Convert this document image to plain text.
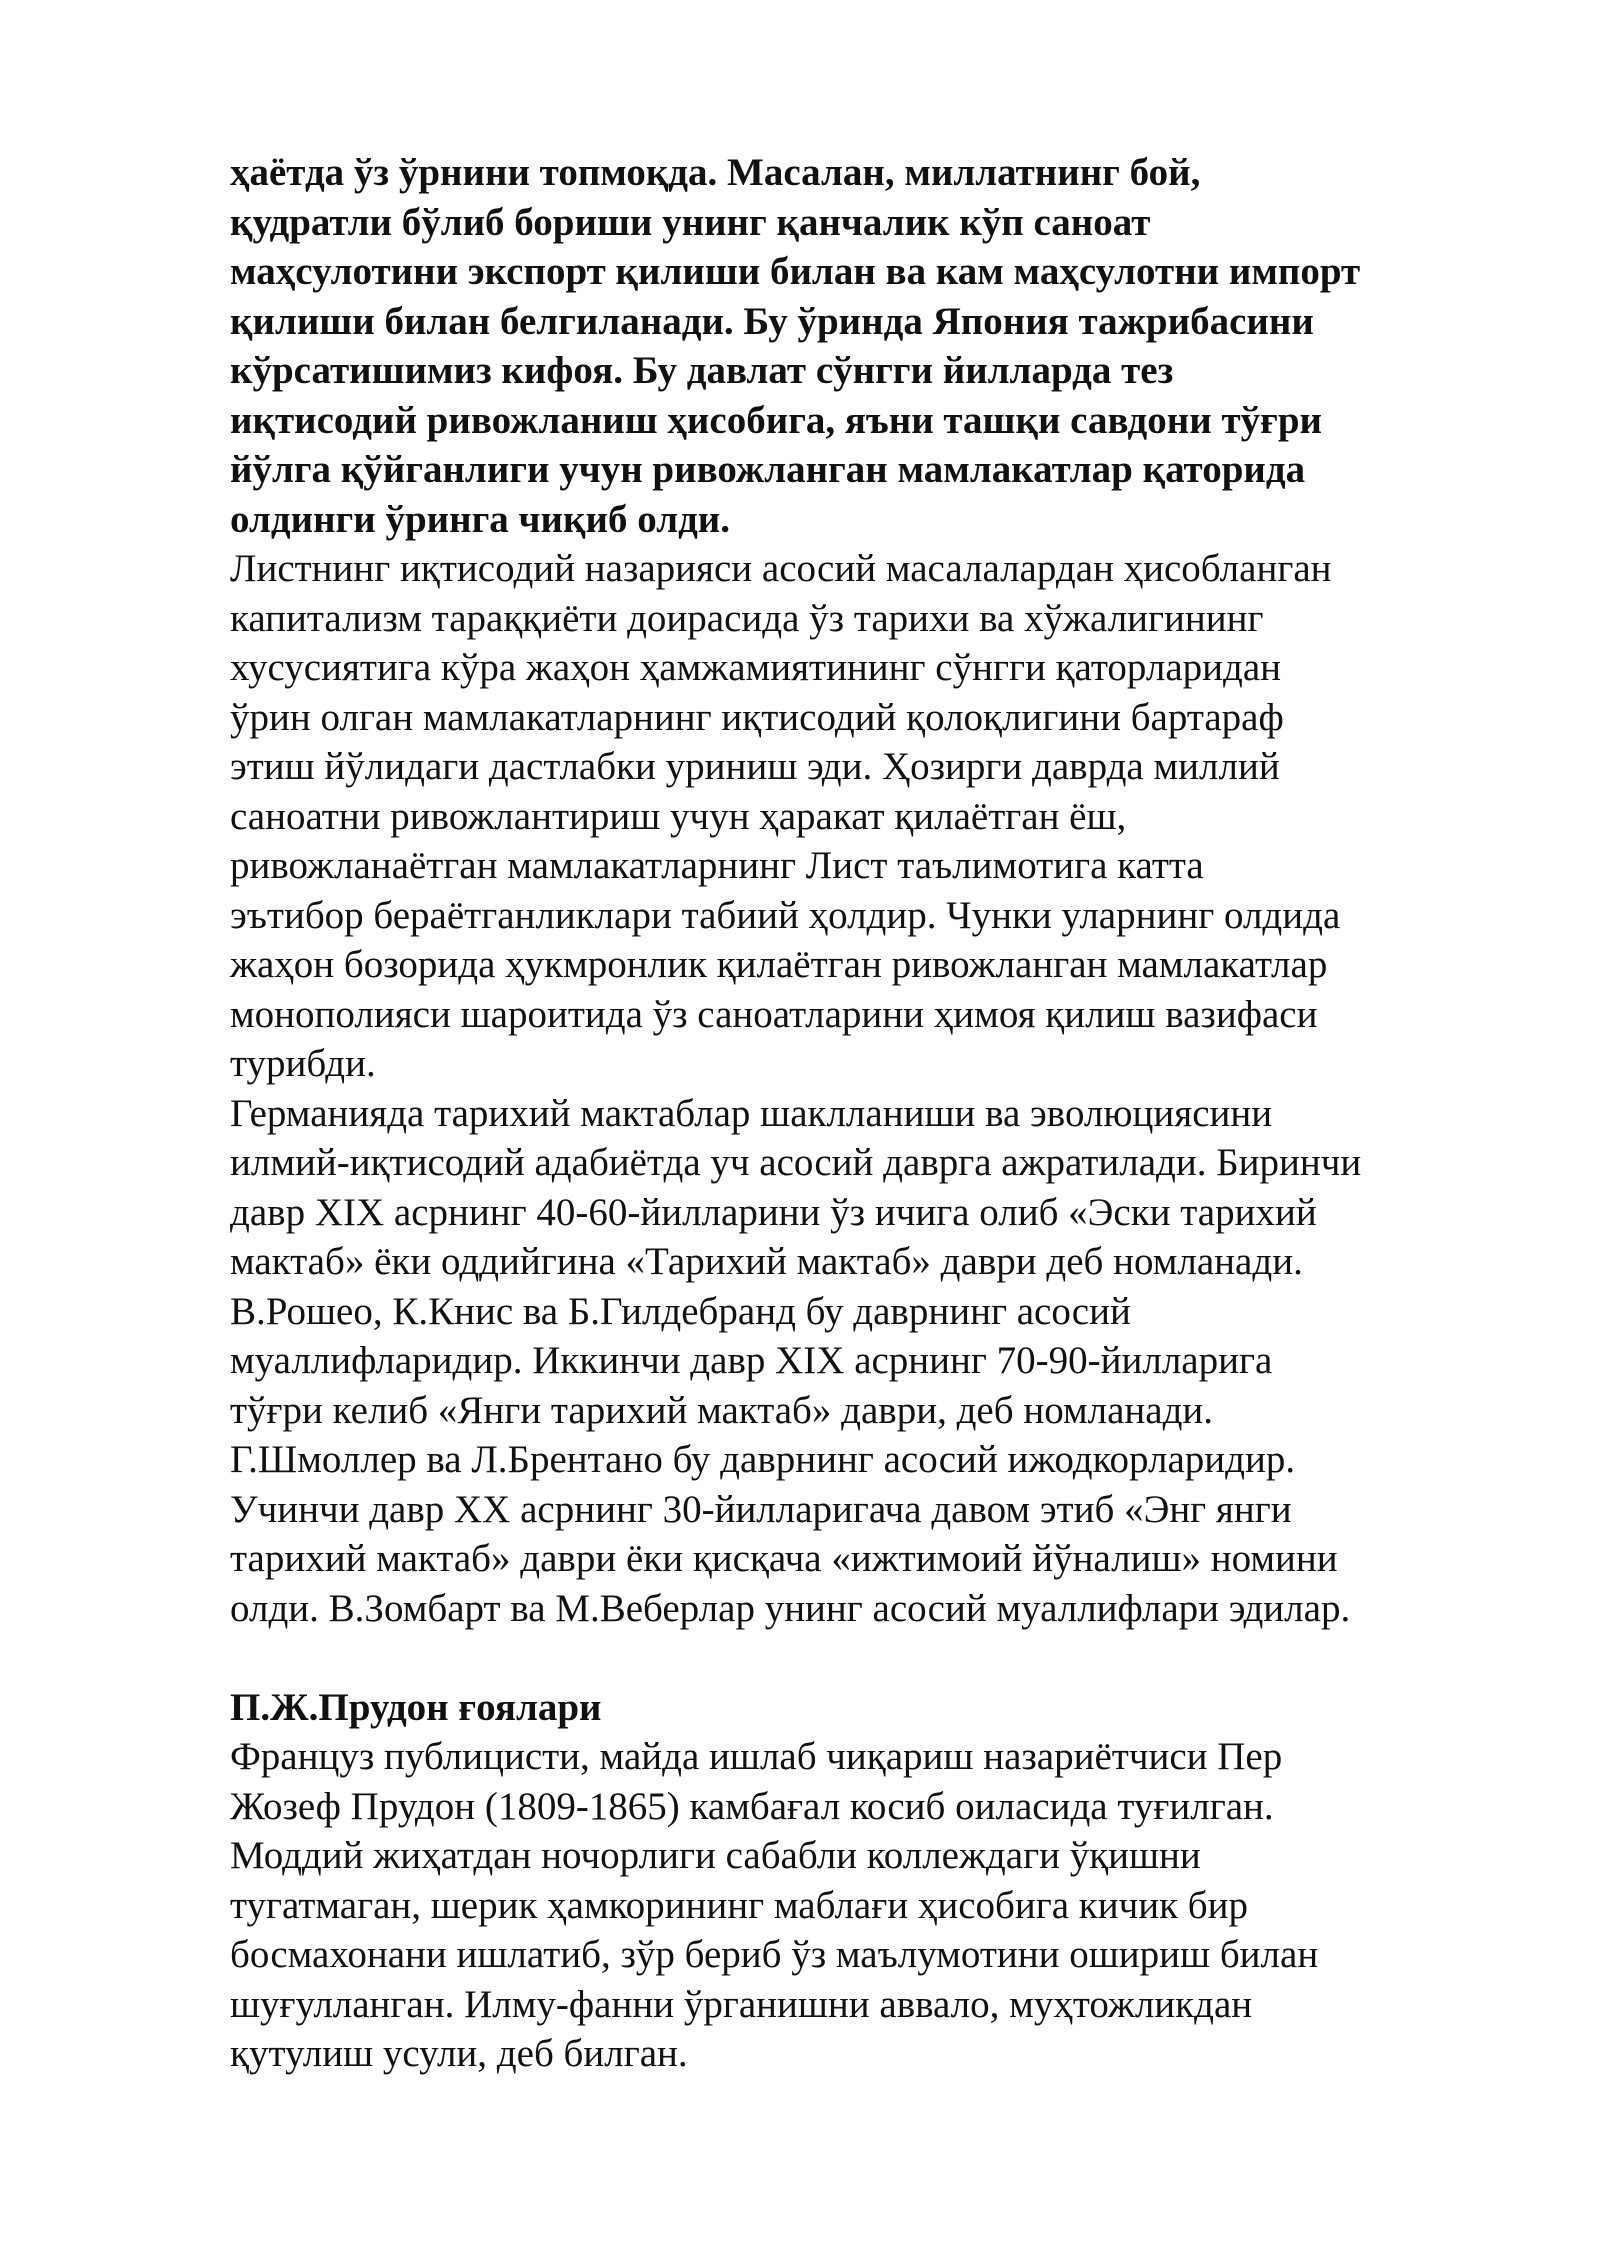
ҳаётда ўз ўрнини топмоқда. Масалан, миллатнинг бой,
қудратли бўлиб бориши унинг қанчалик кўп саноат
маҳсулотини экспорт қилиши билан ва кам маҳсулотни импорт
қилиши билан белгиланади. Бу ўринда Япония тажрибасини
кўрсатишимиз кифоя. Бу давлат сўнгги йилларда тез
иқтисодий ривожланиш ҳисобига, яъни ташқи савдони тўғри
йўлга қўйганлиги учун ривожланган мамлакатлар қаторида
олдинги ўринга чиқиб олди.

Листнинг иқтисодий назарияси асосий масалалардан ҳисобланган
капитализм тараққиёти доирасида ўз тарихи ва хўжалигининг
хусусиятига кўра жаҳон ҳамжамиятининг сўнгги қаторларидан
ўрин олган мамлакатларнинг иқтисодий қолоқлигини бартараф
этиш йўлидаги дастлабки уриниш эди. Ҳозирги даврда миллий
саноатни ривожлантириш учун ҳаракат қилаётган ёш,
ривожланаётган мамлакатларнинг Лист таълимотига катта
эътибор бераётганликлари табиий ҳолдир. Чунки уларнинг олдида
жаҳон бозорида ҳукмронлик қилаётган ривожланган мамлакатлар
монополияси шароитида ўз саноатларини ҳимоя қилиш вазифаси
турибди.

Германияда тарихий мактаблар шаклланиши ва эволюциясини
илмий-иқтисодий адабиётда уч асосий даврга ажратилади. Биринчи
давр XIX асрнинг 40-60-йилларини ўз ичига олиб «Эски тарихий
мактаб» ёки оддийгина «Тарихий мактаб» даври деб номланади.
В.Рошео, К.Книс ва Б.Гилдебранд бу даврнинг асосий
муаллифларидир. Иккинчи давр XIX асрнинг 70-90-йилларига
тўғри келиб «Янги тарихий мактаб» даври, деб номланади.
Г.Шмоллер ва Л.Брентано бу даврнинг асосий ижодкорларидир.
Учинчи давр XX асрнинг 30-йилларигача давом этиб «Энг янги
тарихий мактаб» даври ёки қисқача «ижтимоий йўналиш» номини
олди. В.Зомбарт ва М.Веберлар унинг асосий муаллифлари эдилар.

П.Ж.Прудон ғоялари

Француз публицисти, майда ишлаб чиқариш назариётчиси Пер
Жозеф Прудон (1809-1865) камбағал косиб оиласида туғилган.
Моддий жиҳатдан ночорлиги сабабли коллеждаги ўқишни
тугатмаган, шерик ҳамкорининг маблағи ҳисобига кичик бир
босмахонани ишлатиб, зўр бериб ўз маълумотини ошириш билан
шуғулланган. Илму-фанни ўрганишни аввало, муҳтожликдан
қутулиш усули, деб билган.
